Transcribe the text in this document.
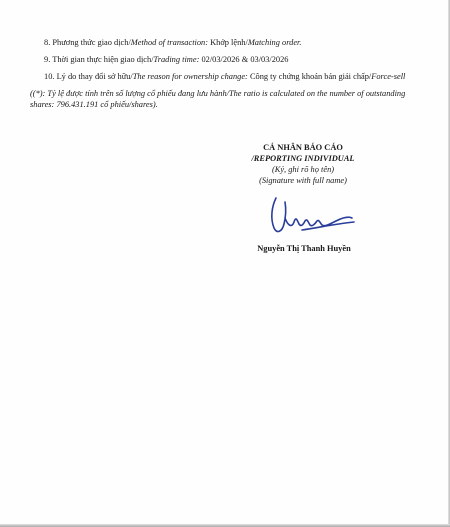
8. Phương thức giao dịch/Method of transaction: Khớp lệnh/Matching order.

9. Thời gian thực hiện giao dịch/Trading time: 02/03/2026 & 03/03/2026

10. Lý do thay đổi sở hữu/The reason for ownership change: Công ty chứng khoán bán giải chấp/Force-sell

((*): Tỷ lệ được tính trên số lượng cổ phiếu đang lưu hành/The ratio is calculated on the number of outstanding shares: 796.431.191 cổ phiếu/shares).

CÁ NHÂN BÁO CÁO
/REPORTING INDIVIDUAL
(Ký, ghi rõ họ tên)
(Signature with full name)
Nguyễn Thị Thanh Huyền
